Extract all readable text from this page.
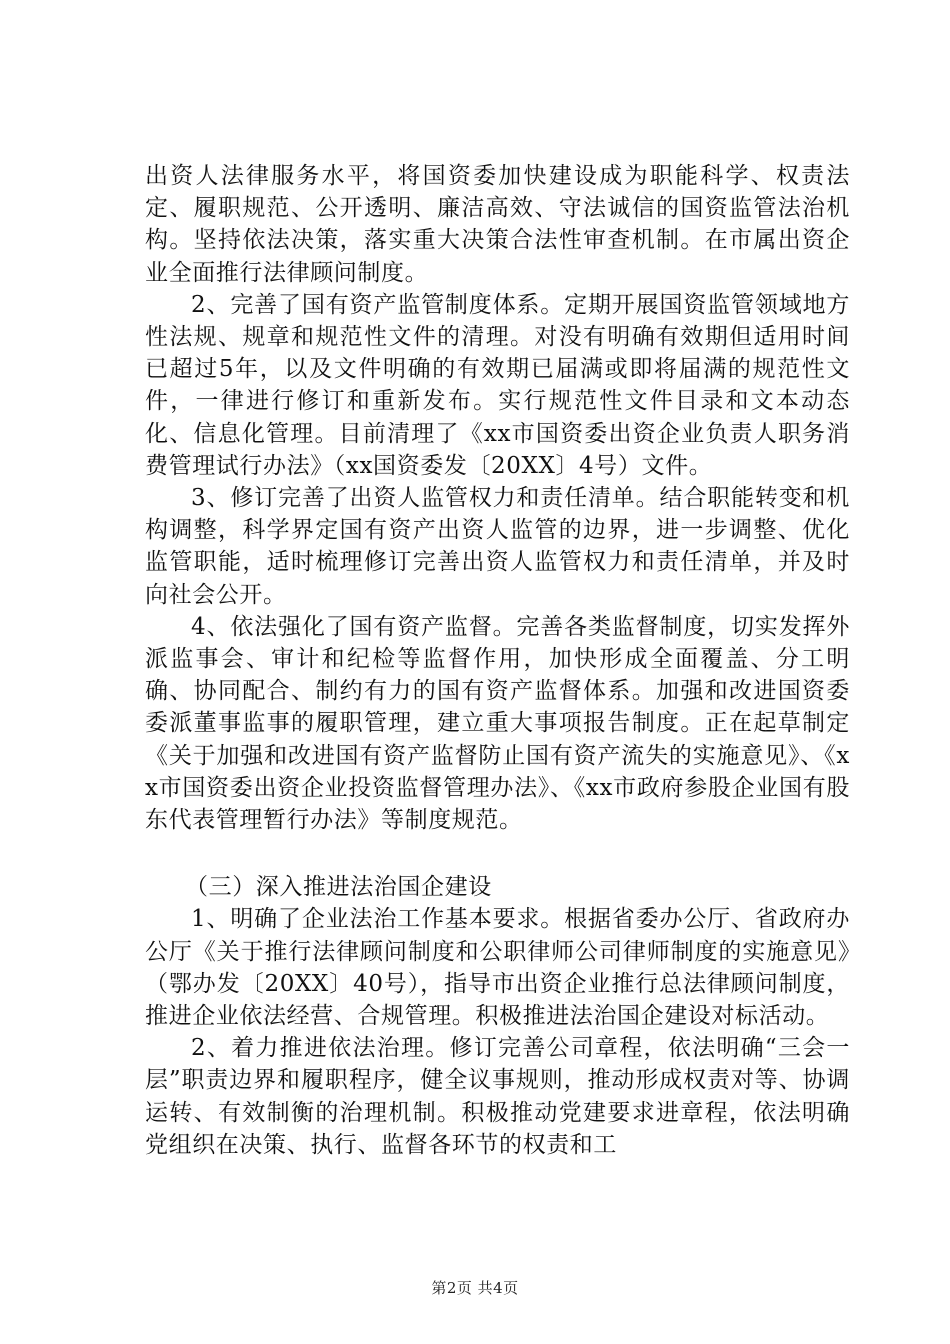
出资人法律服务水平，将国资委加快建设成为职能科学、权责法定、履职规范、公开透明、廉洁高效、守法诚信的国资监管法治机构。坚持依法决策，落实重大决策合法性审查机制。在市属出资企业全面推行法律顾问制度。

2、完善了国有资产监管制度体系。定期开展国资监管领域地方性法规、规章和规范性文件的清理。对没有明确有效期但适用时间已超过5年，以及文件明确的有效期已届满或即将届满的规范性文件，一律进行修订和重新发布。实行规范性文件目录和文本动态化、信息化管理。目前清理了《xx市国资委出资企业负责人职务消费管理试行办法》（xx国资委发〔20XX〕4号）文件。

3、修订完善了出资人监管权力和责任清单。结合职能转变和机构调整，科学界定国有资产出资人监管的边界，进一步调整、优化监管职能，适时梳理修订完善出资人监管权力和责任清单，并及时向社会公开。

4、依法强化了国有资产监督。完善各类监督制度，切实发挥外派监事会、审计和纪检等监督作用，加快形成全面覆盖、分工明确、协同配合、制约有力的国有资产监督体系。加强和改进国资委委派董事监事的履职管理，建立重大事项报告制度。正在起草制定《关于加强和改进国有资产监督防止国有资产流失的实施意见》、《xx市国资委出资企业投资监督管理办法》、《xx市政府参股企业国有股东代表管理暂行办法》等制度规范。

（三）深入推进法治国企建设

1、明确了企业法治工作基本要求。根据省委办公厅、省政府办公厅《关于推行法律顾问制度和公职律师公司律师制度的实施意见》（鄂办发〔20XX〕40号），指导市出资企业推行总法律顾问制度，推进企业依法经营、合规管理。积极推进法治国企建设对标活动。

2、着力推进依法治理。修订完善公司章程，依法明确“三会一层”职责边界和履职程序，健全议事规则，推动形成权责对等、协调运转、有效制衡的治理机制。积极推动党建要求进章程，依法明确党组织在决策、执行、监督各环节的权责和工

第2页 共4页
